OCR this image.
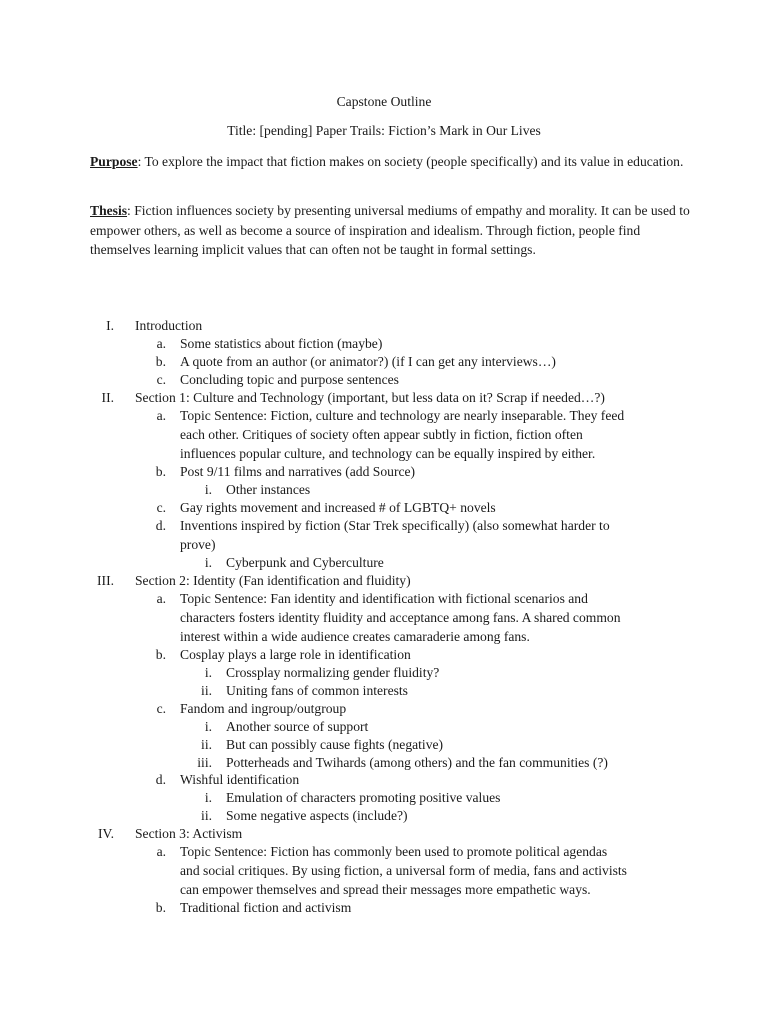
Capstone Outline
Title: [pending] Paper Trails: Fiction’s Mark in Our Lives
Purpose: To explore the impact that fiction makes on society (people specifically) and its value in education.
Thesis: Fiction influences society by presenting universal mediums of empathy and morality. It can be used to empower others, as well as become a source of inspiration and idealism. Through fiction, people find themselves learning implicit values that can often not be taught in formal settings.
I. Introduction
a. Some statistics about fiction (maybe)
b. A quote from an author (or animator?) (if I can get any interviews…)
c. Concluding topic and purpose sentences
II. Section 1: Culture and Technology (important, but less data on it? Scrap if needed…?)
a. Topic Sentence: Fiction, culture and technology are nearly inseparable. They feed
each other. Critiques of society often appear subtly in fiction, fiction often
influences popular culture, and technology can be equally inspired by either.
b. Post 9/11 films and narratives (add Source)
i. Other instances
c. Gay rights movement and increased # of LGBTQ+ novels
d. Inventions inspired by fiction (Star Trek specifically) (also somewhat harder to
prove)
i. Cyberpunk and Cyberculture
III. Section 2: Identity (Fan identification and fluidity)
a. Topic Sentence: Fan identity and identification with fictional scenarios and
characters fosters identity fluidity and acceptance among fans. A shared common
interest within a wide audience creates camaraderie among fans.
b. Cosplay plays a large role in identification
i. Crossplay normalizing gender fluidity?
ii. Uniting fans of common interests
c. Fandom and ingroup/outgroup
i. Another source of support
ii. But can possibly cause fights (negative)
iii. Potterheads and Twihards (among others) and the fan communities (?)
d. Wishful identification
i. Emulation of characters promoting positive values
ii. Some negative aspects (include?)
IV. Section 3: Activism
a. Topic Sentence: Fiction has commonly been used to promote political agendas
and social critiques. By using fiction, a universal form of media, fans and activists
can empower themselves and spread their messages more empathetic ways.
b. Traditional fiction and activism
